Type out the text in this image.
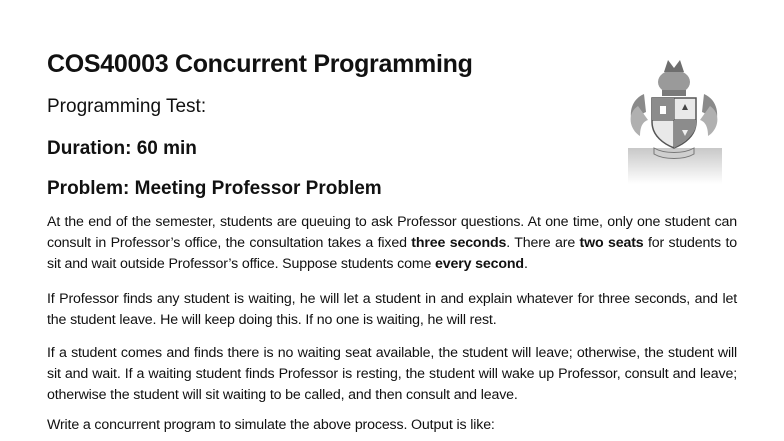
COS40003 Concurrent Programming
Programming Test:
Duration: 60 min
Problem: Meeting Professor Problem
At the end of the semester, students are queuing to ask Professor questions. At one time, only one student can consult in Professor’s office, the consultation takes a fixed three seconds. There are two seats for students to sit and wait outside Professor’s office. Suppose students come every second.
If Professor finds any student is waiting, he will let a student in and explain whatever for three seconds, and let the student leave. He will keep doing this. If no one is waiting, he will rest.
If a student comes and finds there is no waiting seat available, the student will leave; otherwise, the student will sit and wait. If a waiting student finds Professor is resting, the student will wake up Professor, consult and leave; otherwise the student will sit waiting to be called, and then consult and leave.
Write a concurrent program to simulate the above process. Output is like:
